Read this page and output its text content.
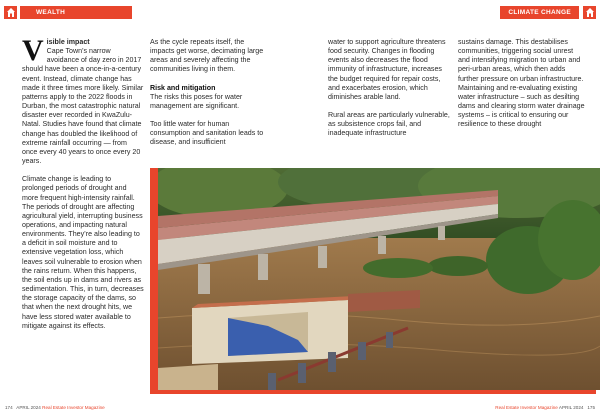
WEALTH	CLIMATE CHANGE

Visible impact
Cape Town’s narrow avoidance of day zero in 2017 should have been a once-in-a-century event. Instead, climate change has made it three times more likely. Similar patterns apply to the 2022 floods in Durban, the most catastrophic natural disaster ever recorded in KwaZulu-Natal. Studies have found that climate change has doubled the likelihood of extreme rainfall occurring — from once every 40 years to once every 20 years.

Climate change is leading to prolonged periods of drought and more frequent high-intensity rainfall. The periods of drought are affecting agricultural yield, interrupting business operations, and impacting natural environments. They’re also leading to a deficit in soil moisture and to extensive vegetation loss, which leaves soil vulnerable to erosion when the rains return. When this happens, the soil ends up in dams and rivers as sedimentation. This, in turn, decreases the storage capacity of the dams, so that when the next drought hits, we have less stored water available to mitigate against its effects.

As the cycle repeats itself, the impacts get worse, decimating large areas and severely affecting the communities living in them.

Risk and mitigation

The risks this poses for water management are significant.

Too little water for human consumption and sanitation leads to disease, and insufficient

water to support agriculture threatens food security. Changes in flooding events also decreases the flood immunity of infrastructure, increases the budget required for repair costs, and exacerbates erosion, which diminishes arable land.

Rural areas are particularly vulnerable, as subsistence crops fail, and inadequate infrastructure

sustains damage. This destabilises communities, triggering social unrest and intensifying migration to urban and peri-urban areas, which then adds further pressure on urban infrastructure. Maintaining and re-evaluating existing water infrastructure – such as desilting dams and clearing storm water drainage systems – is critical to ensuring our resilience to these drought

174 APRIL 2024 Real Estate Investor Magazine	Real Estate Investor Magazine APRIL 2024 175
